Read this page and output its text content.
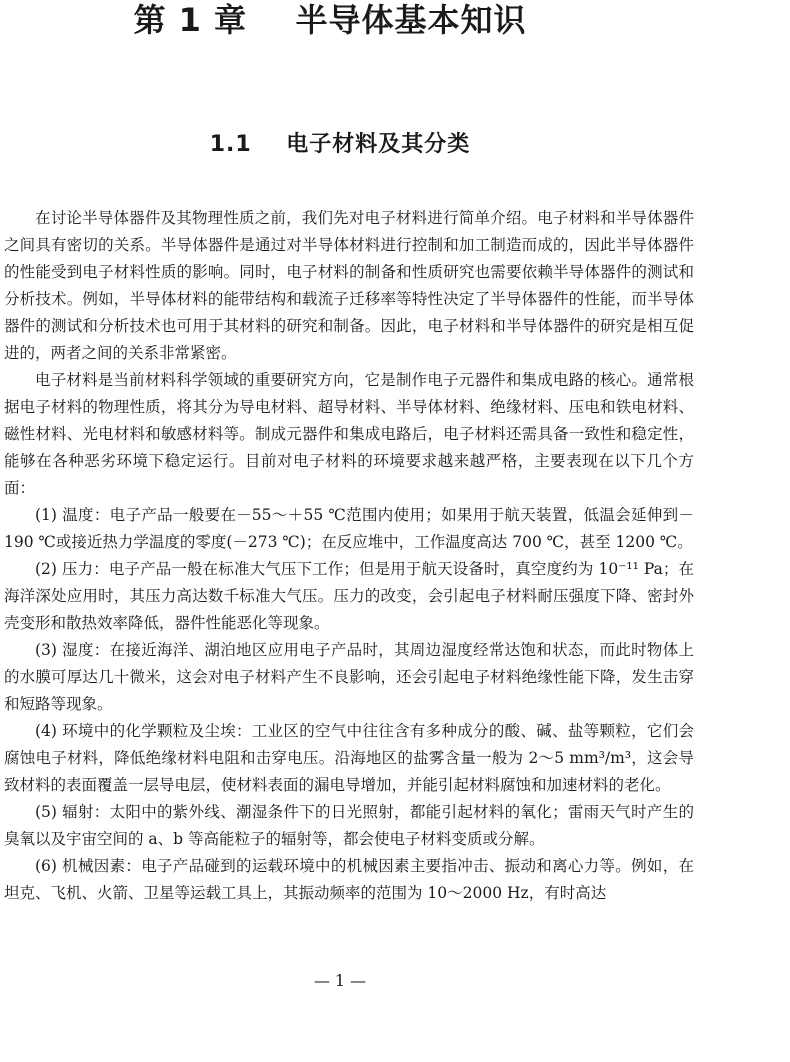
第 1 章    半导体基本知识
1.1    电子材料及其分类

在讨论半导体器件及其物理性质之前，我们先对电子材料进行简单介绍。电子材料和半导体器件之间具有密切的关系。半导体器件是通过对半导体材料进行控制和加工制造而成的，因此半导体器件的性能受到电子材料性质的影响。同时，电子材料的制备和性质研究也需要依赖半导体器件的测试和分析技术。例如，半导体材料的能带结构和载流子迁移率等特性决定了半导体器件的性能，而半导体器件的测试和分析技术也可用于其材料的研究和制备。因此，电子材料和半导体器件的研究是相互促进的，两者之间的关系非常紧密。

电子材料是当前材料科学领域的重要研究方向，它是制作电子元器件和集成电路的核心。通常根据电子材料的物理性质，将其分为导电材料、超导材料、半导体材料、绝缘材料、压电和铁电材料、磁性材料、光电材料和敏感材料等。制成元器件和集成电路后，电子材料还需具备一致性和稳定性，能够在各种恶劣环境下稳定运行。目前对电子材料的环境要求越来越严格，主要表现在以下几个方面：

(1) 温度：电子产品一般要在－55～＋55 ℃范围内使用；如果用于航天装置，低温会延伸到－190 ℃或接近热力学温度的零度(－273 ℃)；在反应堆中，工作温度高达 700 ℃，甚至 1200 ℃。

(2) 压力：电子产品一般在标准大气压下工作；但是用于航天设备时，真空度约为 10⁻¹¹ Pa；在海洋深处应用时，其压力高达数千标准大气压。压力的改变，会引起电子材料耐压强度下降、密封外壳变形和散热效率降低，器件性能恶化等现象。

(3) 湿度：在接近海洋、湖泊地区应用电子产品时，其周边湿度经常达饱和状态，而此时物体上的水膜可厚达几十微米，这会对电子材料产生不良影响，还会引起电子材料绝缘性能下降，发生击穿和短路等现象。

(4) 环境中的化学颗粒及尘埃：工业区的空气中往往含有多种成分的酸、碱、盐等颗粒，它们会腐蚀电子材料，降低绝缘材料电阻和击穿电压。沿海地区的盐雾含量一般为 2～5 mm³/m³，这会导致材料的表面覆盖一层导电层，使材料表面的漏电导增加，并能引起材料腐蚀和加速材料的老化。

(5) 辐射：太阳中的紫外线、潮湿条件下的日光照射，都能引起材料的氧化；雷雨天气时产生的臭氧以及宇宙空间的 a、b 等高能粒子的辐射等，都会使电子材料变质或分解。

(6) 机械因素：电子产品碰到的运载环境中的机械因素主要指冲击、振动和离心力等。例如，在坦克、飞机、火箭、卫星等运载工具上，其振动频率的范围为 10～2000 Hz，有时高达

— 1 —
